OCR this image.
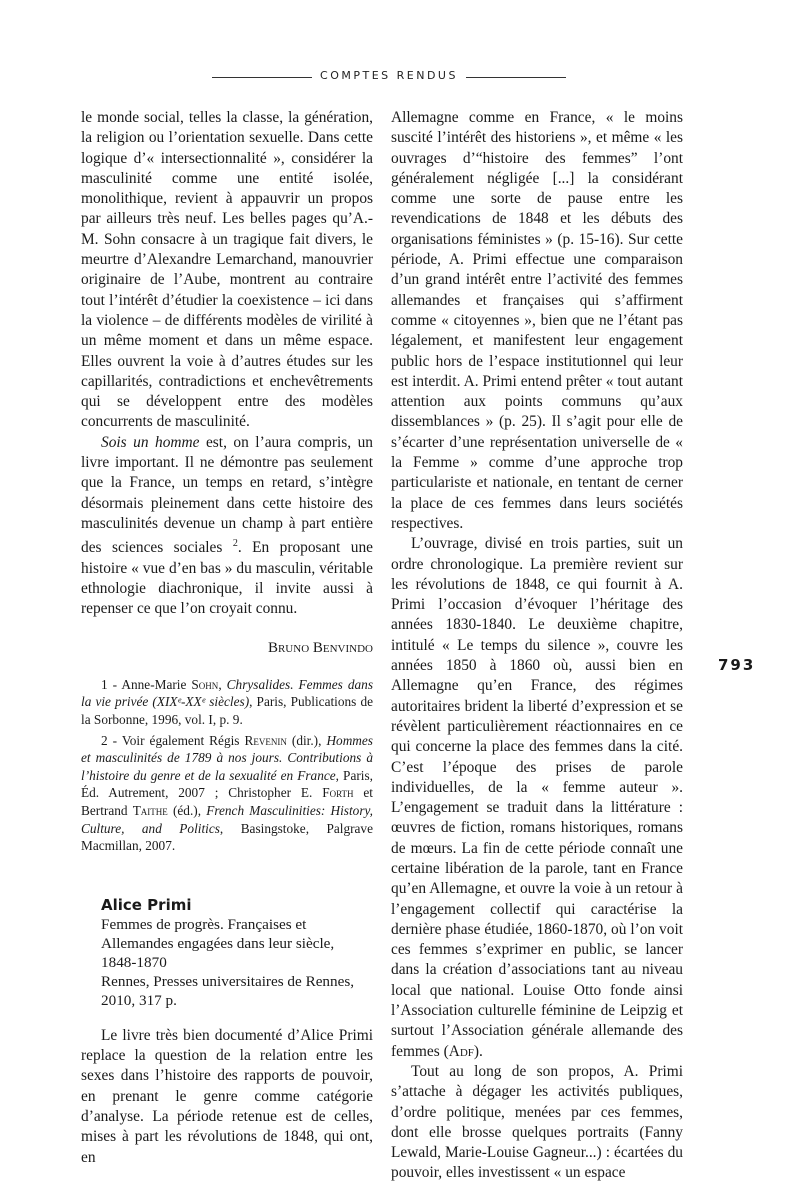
COMPTES RENDUS

le monde social, telles la classe, la génération, la religion ou l’orientation sexuelle. Dans cette logique d’« intersectionnalité », considérer la masculinité comme une entité isolée, monolithique, revient à appauvrir un propos par ailleurs très neuf. Les belles pages qu’A.-M. Sohn consacre à un tragique fait divers, le meurtre d’Alexandre Lemarchand, manouvrier originaire de l’Aube, montrent au contraire tout l’intérêt d’étudier la coexistence – ici dans la violence – de différents modèles de virilité à un même moment et dans un même espace. Elles ouvrent la voie à d’autres études sur les capillarités, contradictions et enchevêtrements qui se développent entre des modèles concurrents de masculinité.

Sois un homme est, on l’aura compris, un livre important. Il ne démontre pas seulement que la France, un temps en retard, s’intègre désormais pleinement dans cette histoire des masculinités devenue un champ à part entière des sciences sociales $^2$. En proposant une histoire « vue d’en bas » du masculin, véritable ethnologie diachronique, il invite aussi à repenser ce que l’on croyait connu.

Bruno Benvindo

1 - Anne-Marie Sohn, Chrysalides. Femmes dans la vie privée (XIXᵉ-XXᵉ siècles), Paris, Publications de la Sorbonne, 1996, vol. I, p. 9.

2 - Voir également Régis Revenin (dir.), Hommes et masculinités de 1789 à nos jours. Contributions à l’histoire du genre et de la sexualité en France, Paris, Éd. Autrement, 2007 ; Christopher E. Forth et Bertrand Taithe (éd.), French Masculinities: History, Culture, and Politics, Basingstoke, Palgrave Macmillan, 2007.

Alice Primi
Femmes de progrès. Françaises et Allemandes engagées dans leur siècle, 1848-1870
Rennes, Presses universitaires de Rennes, 2010, 317 p.

Le livre très bien documenté d’Alice Primi replace la question de la relation entre les sexes dans l’histoire des rapports de pouvoir, en prenant le genre comme catégorie d’analyse. La période retenue est de celles, mises à part les révolutions de 1848, qui ont, en

Allemagne comme en France, « le moins suscité l’intérêt des historiens », et même « les ouvrages d’“histoire des femmes” l’ont généralement négligée [...] la considérant comme une sorte de pause entre les revendications de 1848 et les débuts des organisations féministes » (p. 15-16). Sur cette période, A. Primi effectue une comparaison d’un grand intérêt entre l’activité des femmes allemandes et françaises qui s’affirment comme « citoyennes », bien que ne l’étant pas légalement, et manifestent leur engagement public hors de l’espace institutionnel qui leur est interdit. A. Primi entend prêter « tout autant attention aux points communs qu’aux dissemblances » (p. 25). Il s’agit pour elle de s’écarter d’une représentation universelle de « la Femme » comme d’une approche trop particulariste et nationale, en tentant de cerner la place de ces femmes dans leurs sociétés respectives.

L’ouvrage, divisé en trois parties, suit un ordre chronologique. La première revient sur les révolutions de 1848, ce qui fournit à A. Primi l’occasion d’évoquer l’héritage des années 1830-1840. Le deuxième chapitre, intitulé « Le temps du silence », couvre les années 1850 à 1860 où, aussi bien en Allemagne qu’en France, des régimes autoritaires brident la liberté d’expression et se révèlent particulièrement réactionnaires en ce qui concerne la place des femmes dans la cité. C’est l’époque des prises de parole individuelles, de la « femme auteur ». L’engagement se traduit dans la littérature : œuvres de fiction, romans historiques, romans de mœurs. La fin de cette période connaît une certaine libération de la parole, tant en France qu’en Allemagne, et ouvre la voie à un retour à l’engagement collectif qui caractérise la dernière phase étudiée, 1860-1870, où l’on voit ces femmes s’exprimer en public, se lancer dans la création d’associations tant au niveau local que national. Louise Otto fonde ainsi l’Association culturelle féminine de Leipzig et surtout l’Association générale allemande des femmes (Adf).

Tout au long de son propos, A. Primi s’attache à dégager les activités publiques, d’ordre politique, menées par ces femmes, dont elle brosse quelques portraits (Fanny Lewald, Marie-Louise Gagneur...) : écartées du pouvoir, elles investissent « un espace

793
